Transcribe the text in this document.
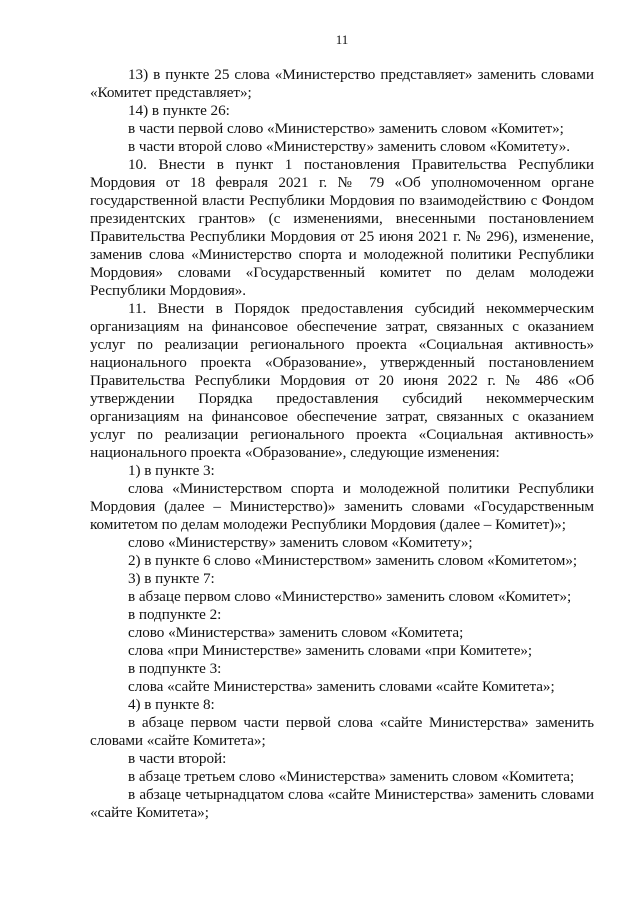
11

13) в пункте 25 слова «Министерство представляет» заменить словами «Комитет представляет»;

14) в пункте 26:

в части первой слово «Министерство» заменить словом «Комитет»;

в части второй слово «Министерству» заменить словом «Комитету».

10. Внести в пункт 1 постановления Правительства Республики Мордовия от 18 февраля 2021 г. № 79 «Об уполномоченном органе государственной власти Республики Мордовия по взаимодействию с Фондом президентских грантов» (с изменениями, внесенными постановлением Правительства Республики Мордовия от 25 июня 2021 г. № 296), изменение, заменив слова «Министерство спорта и молодежной политики Республики Мордовия» словами «Государственный комитет по делам молодежи Республики Мордовия».

11. Внести в Порядок предоставления субсидий некоммерческим организациям на финансовое обеспечение затрат, связанных с оказанием услуг по реализации регионального проекта «Социальная активность» национального проекта «Образование», утвержденный постановлением Правительства Республики Мордовия от 20 июня 2022 г. № 486 «Об утверждении Порядка предоставления субсидий некоммерческим организациям на финансовое обеспечение затрат, связанных с оказанием услуг по реализации регионального проекта «Социальная активность» национального проекта «Образование», следующие изменения:

1) в пункте 3:

слова «Министерством спорта и молодежной политики Республики Мордовия (далее – Министерство)» заменить словами «Государственным комитетом по делам молодежи Республики Мордовия (далее – Комитет)»;

слово «Министерству» заменить словом «Комитету»;

2) в пункте 6 слово «Министерством» заменить словом «Комитетом»;

3) в пункте 7:

в абзаце первом слово «Министерство» заменить словом «Комитет»;

в подпункте 2:

слово «Министерства» заменить словом «Комитета;

слова «при Министерстве» заменить словами «при Комитете»;

в подпункте 3:

слова «сайте Министерства» заменить словами «сайте Комитета»;

4) в пункте 8:

в абзаце первом части первой слова «сайте Министерства» заменить словами «сайте Комитета»;

в части второй:

в абзаце третьем слово «Министерства» заменить словом «Комитета;

в абзаце четырнадцатом слова «сайте Министерства» заменить словами «сайте Комитета»;
